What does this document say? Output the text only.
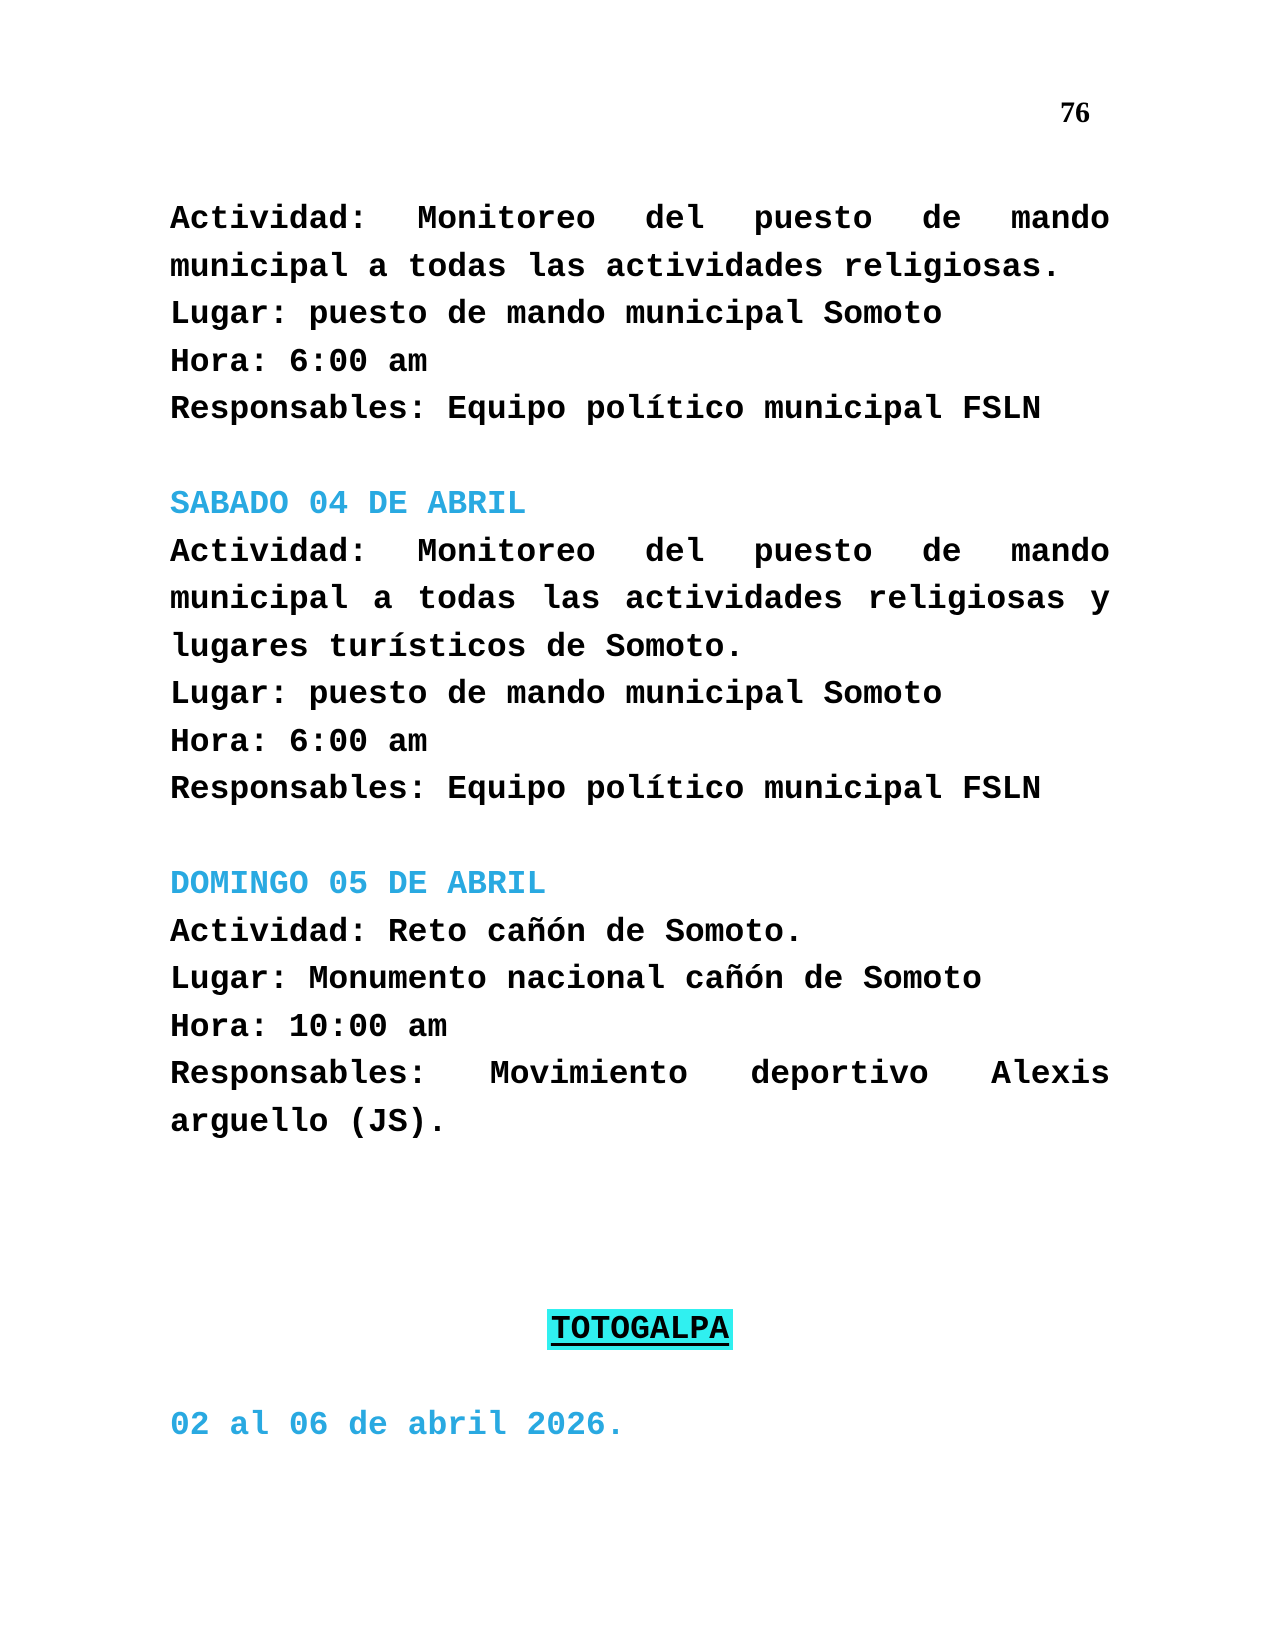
76

Actividad: Monitoreo del puesto de mando municipal a todas las actividades religiosas.

Lugar: puesto de mando municipal Somoto

Hora: 6:00 am

Responsables: Equipo político municipal FSLN

SABADO 04 DE ABRIL

Actividad: Monitoreo del puesto de mando municipal a todas las actividades religiosas y lugares turísticos de Somoto.

Lugar: puesto de mando municipal Somoto

Hora: 6:00 am

Responsables: Equipo político municipal FSLN

DOMINGO 05 DE ABRIL

Actividad: Reto cañón de Somoto.

Lugar: Monumento nacional cañón de Somoto

Hora: 10:00 am

Responsables: Movimiento deportivo Alexis arguello (JS).

TOTOGALPA

02 al 06 de abril 2026.
